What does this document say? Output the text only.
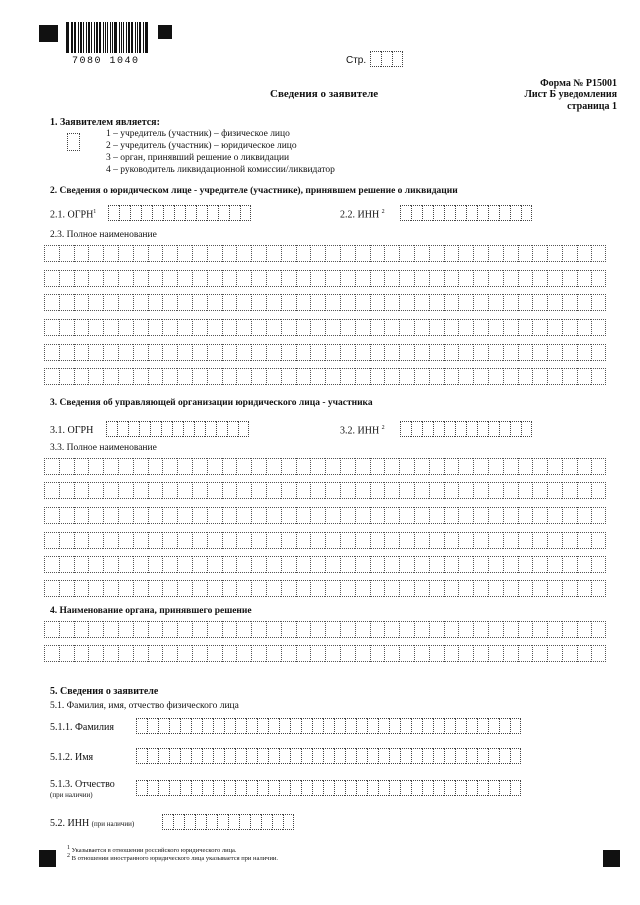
7080 1040	Стр.
Форма № Р15001
Лист Б уведомления
страница 1
Сведения о заявителе
1. Заявителем является:
1 – учредитель (участник) – физическое лицо
2 – учредитель (участник) – юридическое лицо
3 – орган, принявший решение о ликвидации
4 – руководитель ликвидационной комиссии/ликвидатор
2. Сведения о юридическом лице - учредителе (участнике), принявшем решение о ликвидации
2.1. ОГРН$^1$	2.2. ИНН $^2$
2.3. Полное наименование
3. Сведения об управляющей организации юридического лица - участника
3.1. ОГРН	3.2. ИНН $^2$
3.3. Полное наименование
4. Наименование органа, принявшего решение
5. Сведения о заявителе
5.1. Фамилия, имя, отчество физического лица
5.1.1. Фамилия
5.1.2. Имя
5.1.3. Отчество
(при наличии)
5.2. ИНН (при наличии)
$^1$ Указывается в отношении российского юридического лица.
$^2$ В отношении иностранного юридического лица указывается при наличии.
